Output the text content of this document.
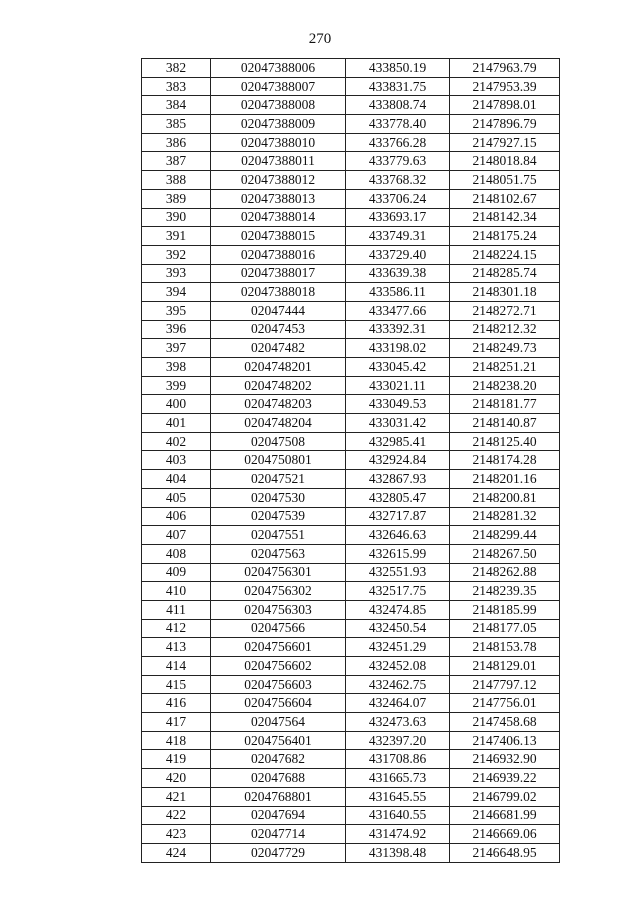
270
382	02047388006	433850.19	2147963.79
383	02047388007	433831.75	2147953.39
384	02047388008	433808.74	2147898.01
385	02047388009	433778.40	2147896.79
386	02047388010	433766.28	2147927.15
387	02047388011	433779.63	2148018.84
388	02047388012	433768.32	2148051.75
389	02047388013	433706.24	2148102.67
390	02047388014	433693.17	2148142.34
391	02047388015	433749.31	2148175.24
392	02047388016	433729.40	2148224.15
393	02047388017	433639.38	2148285.74
394	02047388018	433586.11	2148301.18
395	02047444	433477.66	2148272.71
396	02047453	433392.31	2148212.32
397	02047482	433198.02	2148249.73
398	0204748201	433045.42	2148251.21
399	0204748202	433021.11	2148238.20
400	0204748203	433049.53	2148181.77
401	0204748204	433031.42	2148140.87
402	02047508	432985.41	2148125.40
403	0204750801	432924.84	2148174.28
404	02047521	432867.93	2148201.16
405	02047530	432805.47	2148200.81
406	02047539	432717.87	2148281.32
407	02047551	432646.63	2148299.44
408	02047563	432615.99	2148267.50
409	0204756301	432551.93	2148262.88
410	0204756302	432517.75	2148239.35
411	0204756303	432474.85	2148185.99
412	02047566	432450.54	2148177.05
413	0204756601	432451.29	2148153.78
414	0204756602	432452.08	2148129.01
415	0204756603	432462.75	2147797.12
416	0204756604	432464.07	2147756.01
417	02047564	432473.63	2147458.68
418	0204756401	432397.20	2147406.13
419	02047682	431708.86	2146932.90
420	02047688	431665.73	2146939.22
421	0204768801	431645.55	2146799.02
422	02047694	431640.55	2146681.99
423	02047714	431474.92	2146669.06
424	02047729	431398.48	2146648.95
